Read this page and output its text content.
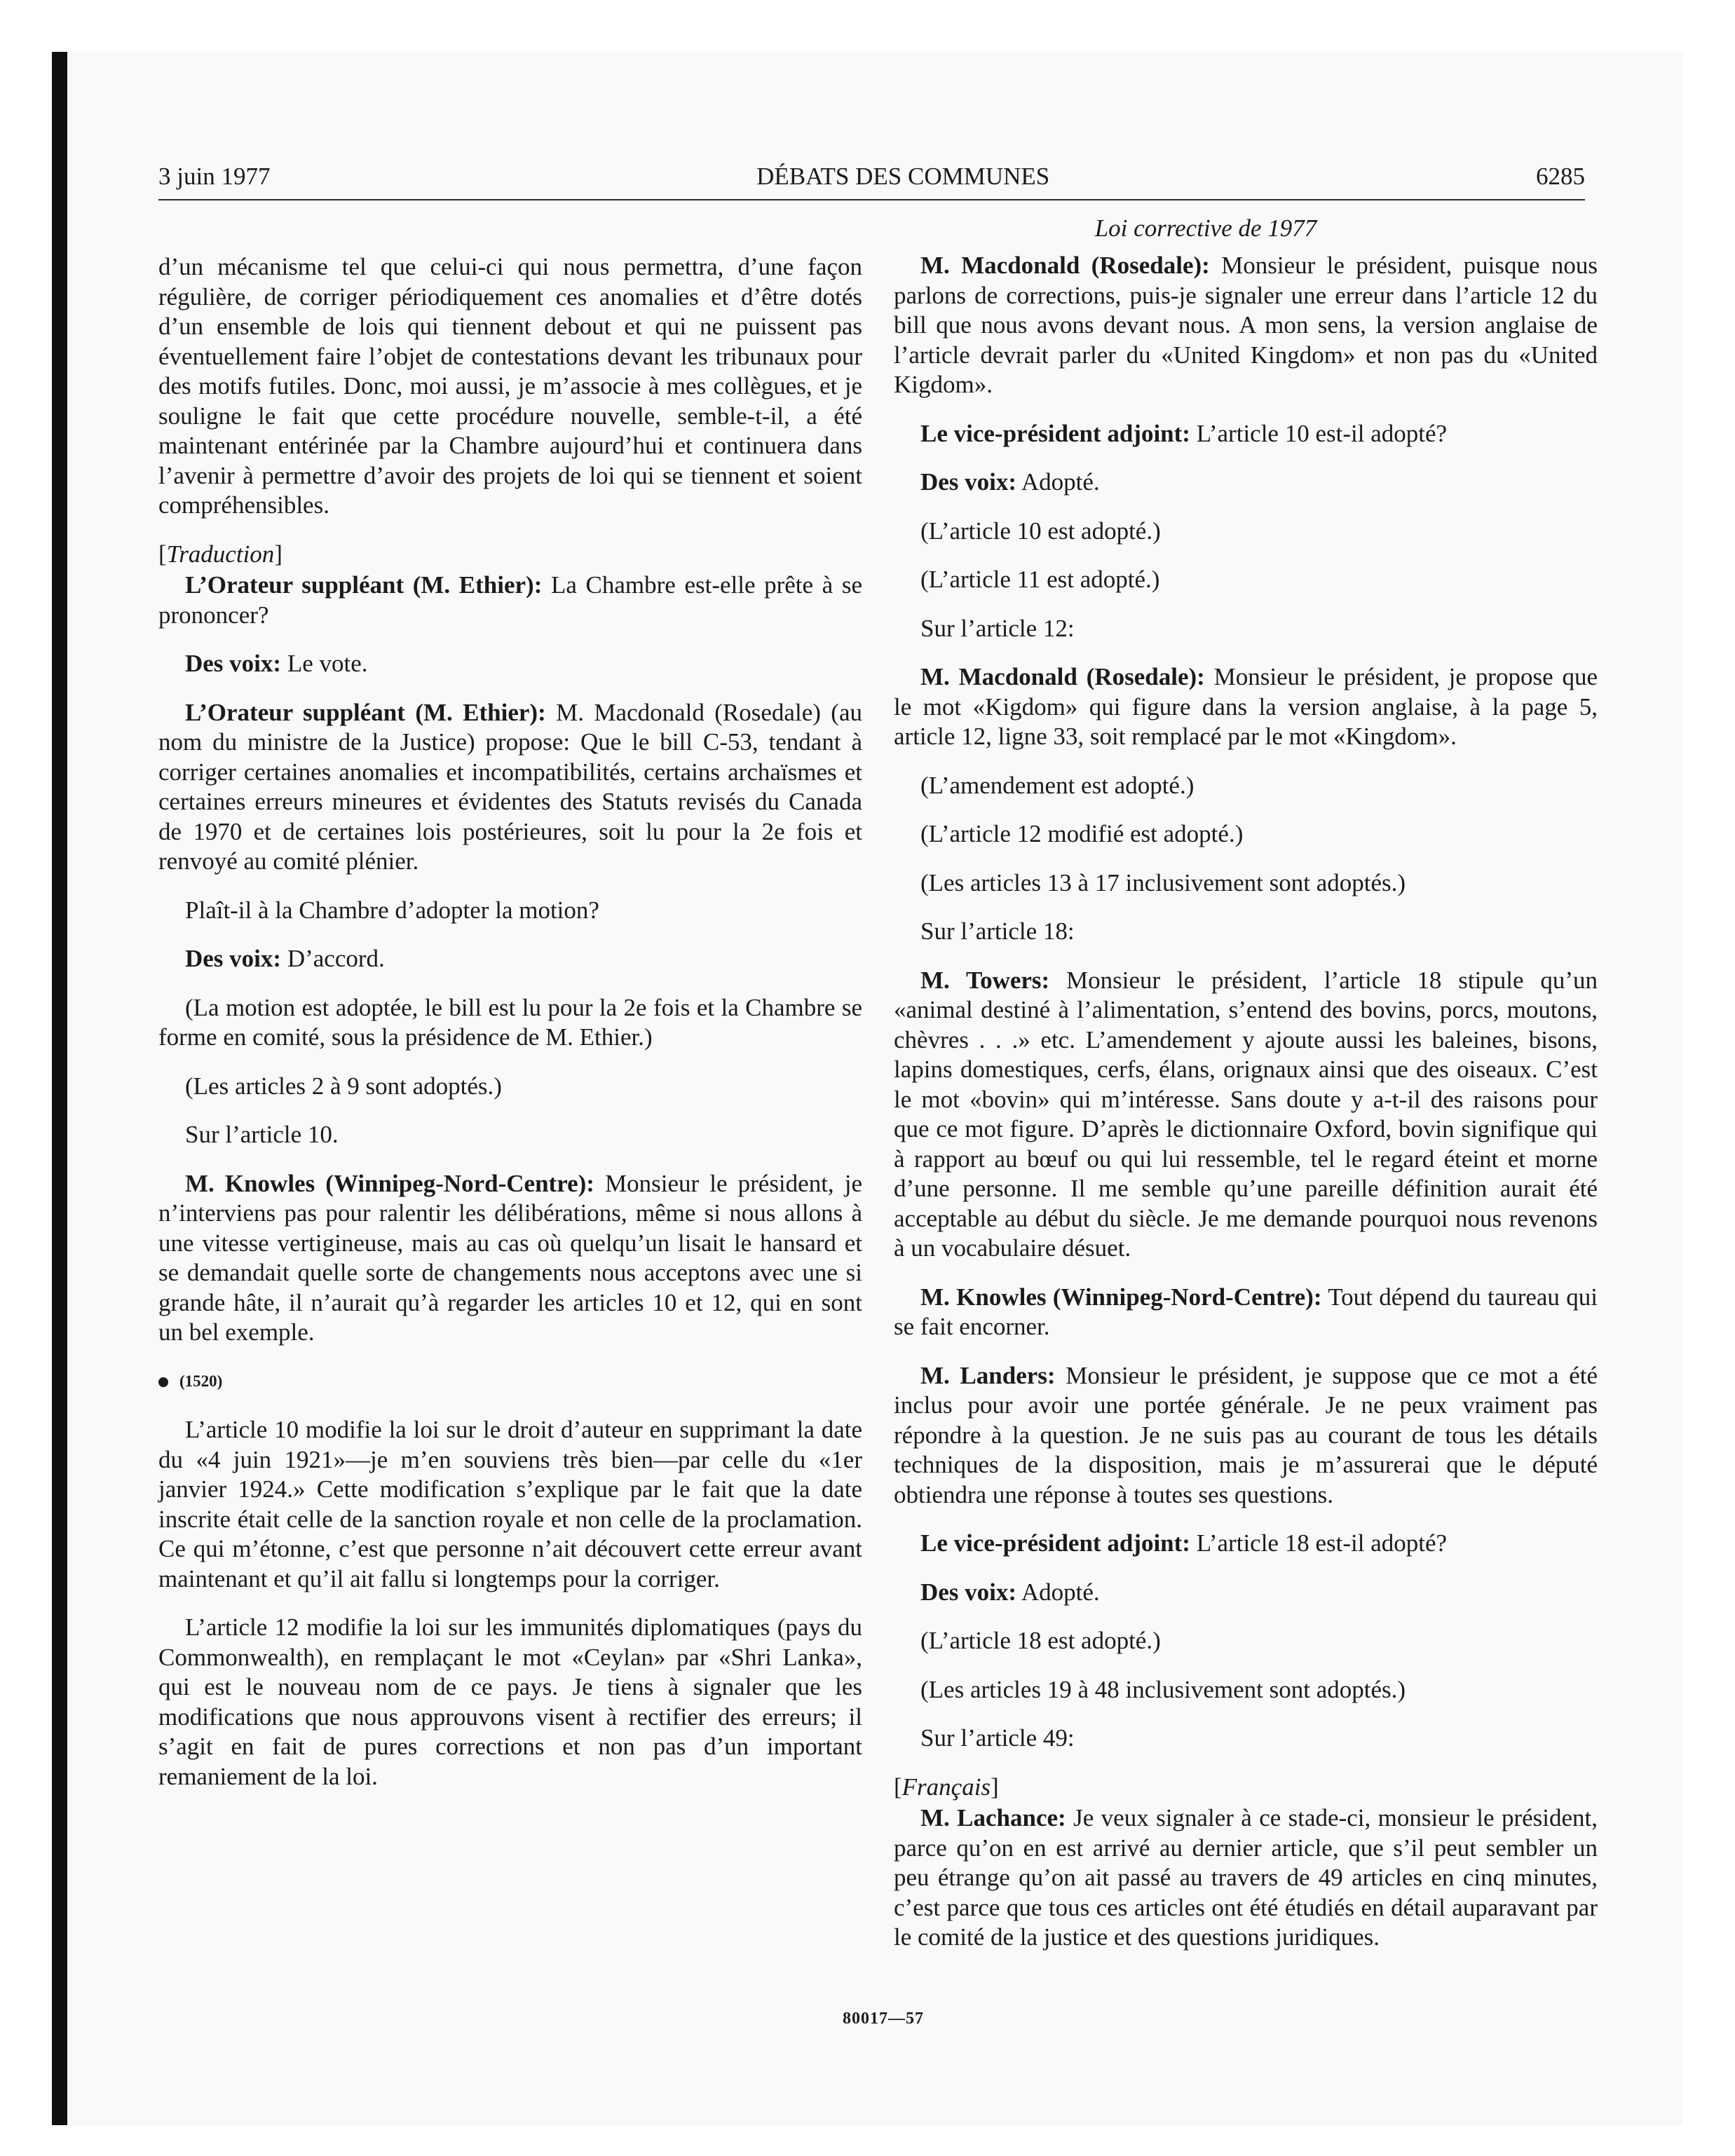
3 juin 1977	DÉBATS DES COMMUNES	6285
Loi corrective de 1977

d’un mécanisme tel que celui-ci qui nous permettra, d’une façon régulière, de corriger périodiquement ces anomalies et d’être dotés d’un ensemble de lois qui tiennent debout et qui ne puissent pas éventuellement faire l’objet de contestations devant les tribunaux pour des motifs futiles. Donc, moi aussi, je m’associe à mes collègues, et je souligne le fait que cette procédure nouvelle, semble-t-il, a été maintenant entérinée par la Chambre aujourd’hui et continuera dans l’avenir à permettre d’avoir des projets de loi qui se tiennent et soient compréhensibles.

[ Traduction ]

L’Orateur suppléant (M. Ethier): La Chambre est-elle prête à se prononcer?

Des voix: Le vote.

L’Orateur suppléant (M. Ethier): M. Macdonald (Rosedale) (au nom du ministre de la Justice) propose: Que le bill C-53, tendant à corriger certaines anomalies et incompatibilités, certains archaïsmes et certaines erreurs mineures et évidentes des Statuts revisés du Canada de 1970 et de certaines lois postérieures, soit lu pour la 2e fois et renvoyé au comité plénier.

Plaît-il à la Chambre d’adopter la motion?

Des voix: D’accord.

(La motion est adoptée, le bill est lu pour la 2e fois et la Chambre se forme en comité, sous la présidence de M. Ethier.)

(Les articles 2 à 9 sont adoptés.)

Sur l’article 10.

M. Knowles (Winnipeg-Nord-Centre): Monsieur le président, je n’interviens pas pour ralentir les délibérations, même si nous allons à une vitesse vertigineuse, mais au cas où quelqu’un lisait le hansard et se demandait quelle sorte de changements nous acceptons avec une si grande hâte, il n’aurait qu’à regarder les articles 10 et 12, qui en sont un bel exemple.

(1520)

L’article 10 modifie la loi sur le droit d’auteur en supprimant la date du «4 juin 1921»—je m’en souviens très bien—par celle du «1er janvier 1924.» Cette modification s’explique par le fait que la date inscrite était celle de la sanction royale et non celle de la proclamation. Ce qui m’étonne, c’est que personne n’ait découvert cette erreur avant maintenant et qu’il ait fallu si longtemps pour la corriger.

L’article 12 modifie la loi sur les immunités diplomatiques (pays du Commonwealth), en remplaçant le mot «Ceylan» par «Shri Lanka», qui est le nouveau nom de ce pays. Je tiens à signaler que les modifications que nous approuvons visent à rectifier des erreurs; il s’agit en fait de pures corrections et non pas d’un important remaniement de la loi.

M. Macdonald (Rosedale): Monsieur le président, puisque nous parlons de corrections, puis-je signaler une erreur dans l’article 12 du bill que nous avons devant nous. A mon sens, la version anglaise de l’article devrait parler du «United Kingdom» et non pas du «United Kigdom».

Le vice-président adjoint: L’article 10 est-il adopté?

Des voix: Adopté.

(L’article 10 est adopté.)

(L’article 11 est adopté.)

Sur l’article 12:

M. Macdonald (Rosedale): Monsieur le président, je propose que le mot «Kigdom» qui figure dans la version anglaise, à la page 5, article 12, ligne 33, soit remplacé par le mot «Kingdom».

(L’amendement est adopté.)

(L’article 12 modifié est adopté.)

(Les articles 13 à 17 inclusivement sont adoptés.)

Sur l’article 18:

M. Towers: Monsieur le président, l’article 18 stipule qu’un «animal destiné à l’alimentation, s’entend des bovins, porcs, moutons, chèvres . . .» etc. L’amendement y ajoute aussi les baleines, bisons, lapins domestiques, cerfs, élans, orignaux ainsi que des oiseaux. C’est le mot «bovin» qui m’intéresse. Sans doute y a-t-il des raisons pour que ce mot figure. D’après le dictionnaire Oxford, bovin signifique qui à rapport au bœuf ou qui lui ressemble, tel le regard éteint et morne d’une personne. Il me semble qu’une pareille définition aurait été acceptable au début du siècle. Je me demande pourquoi nous revenons à un vocabulaire désuet.

M. Knowles (Winnipeg-Nord-Centre): Tout dépend du taureau qui se fait encorner.

M. Landers: Monsieur le président, je suppose que ce mot a été inclus pour avoir une portée générale. Je ne peux vraiment pas répondre à la question. Je ne suis pas au courant de tous les détails techniques de la disposition, mais je m’assurerai que le député obtiendra une réponse à toutes ses questions.

Le vice-président adjoint: L’article 18 est-il adopté?

Des voix: Adopté.

(L’article 18 est adopté.)

(Les articles 19 à 48 inclusivement sont adoptés.)

Sur l’article 49:

[ Français ]

M. Lachance: Je veux signaler à ce stade-ci, monsieur le président, parce qu’on en est arrivé au dernier article, que s’il peut sembler un peu étrange qu’on ait passé au travers de 49 articles en cinq minutes, c’est parce que tous ces articles ont été étudiés en détail auparavant par le comité de la justice et des questions juridiques.

80017—57
